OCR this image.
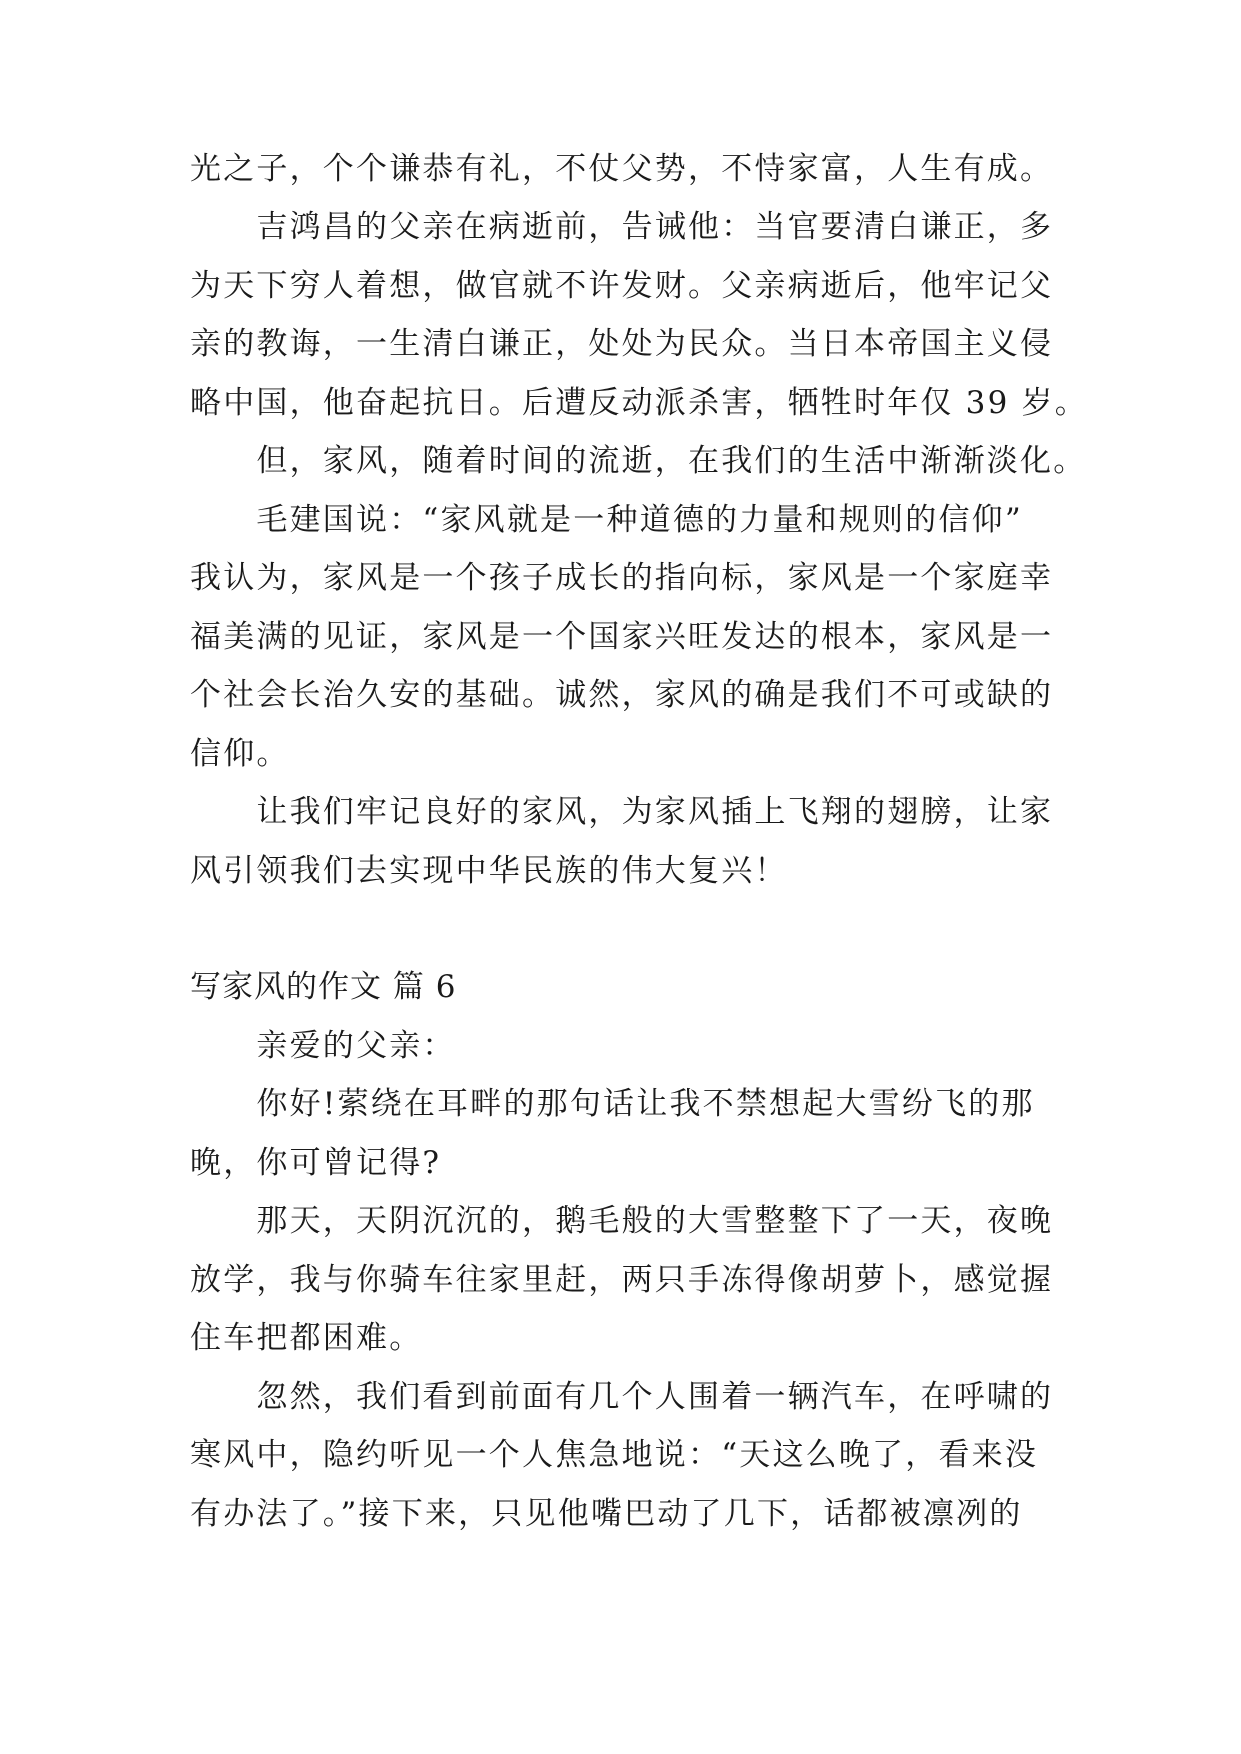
光之子，个个谦恭有礼，不仗父势，不恃家富，人生有成。
　　吉鸿昌的父亲在病逝前，告诫他：当官要清白谦正，多
为天下穷人着想，做官就不许发财。父亲病逝后，他牢记父
亲的教诲，一生清白谦正，处处为民众。当日本帝国主义侵
略中国，他奋起抗日。后遭反动派杀害，牺牲时年仅 39 岁。
　　但，家风，随着时间的流逝，在我们的生活中渐渐淡化。
　　毛建国说：“家风就是一种道德的力量和规则的信仰”
我认为，家风是一个孩子成长的指向标，家风是一个家庭幸
福美满的见证，家风是一个国家兴旺发达的根本，家风是一
个社会长治久安的基础。诚然，家风的确是我们不可或缺的
信仰。
　　让我们牢记良好的家风，为家风插上飞翔的翅膀，让家
风引领我们去实现中华民族的伟大复兴！
写家风的作文 篇 6
　　亲爱的父亲：
　　你好!萦绕在耳畔的那句话让我不禁想起大雪纷飞的那
晚，你可曾记得?
　　那天，天阴沉沉的，鹅毛般的大雪整整下了一天，夜晚
放学，我与你骑车往家里赶，两只手冻得像胡萝卜，感觉握
住车把都困难。
　　忽然，我们看到前面有几个人围着一辆汽车，在呼啸的
寒风中，隐约听见一个人焦急地说：“天这么晚了，看来没
有办法了。”接下来，只见他嘴巴动了几下，话都被凛冽的
